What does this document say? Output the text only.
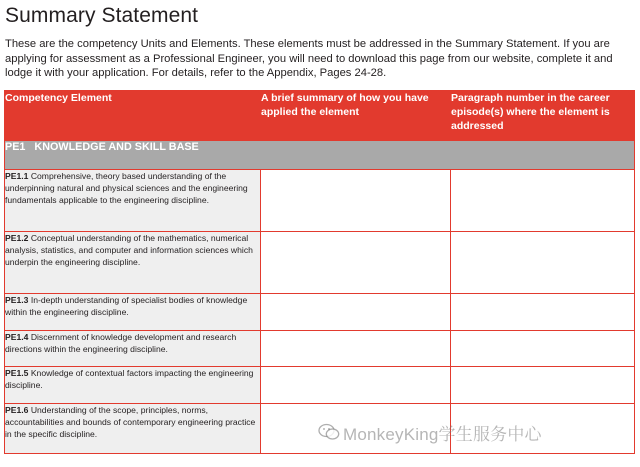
Summary Statement
These are the competency Units and Elements. These elements must be addressed in the Summary Statement. If you are applying for assessment as a Professional Engineer, you will need to download this page from our website, complete it and lodge it with your application. For details, refer to the Appendix, Pages 24-28.
Competency Element	A brief summary of how you have applied the element	Paragraph number in the career episode(s) where the element is addressed
PE1   KNOWLEDGE AND SKILL BASE		
PE1.1 Comprehensive, theory based understanding of the underpinning natural and physical sciences and the engineering fundamentals applicable to the engineering discipline.		
PE1.2 Conceptual understanding of the mathematics, numerical analysis, statistics, and computer and information sciences which underpin the engineering discipline.		
PE1.3 In-depth understanding of specialist bodies of knowledge within the engineering discipline.		
PE1.4 Discernment of knowledge development and research directions within the engineering discipline.		
PE1.5 Knowledge of contextual factors impacting the engineering discipline.		
PE1.6 Understanding of the scope, principles, norms, accountabilities and bounds of contemporary engineering practice in the specific discipline.			MonkeyKing学生服务中心
